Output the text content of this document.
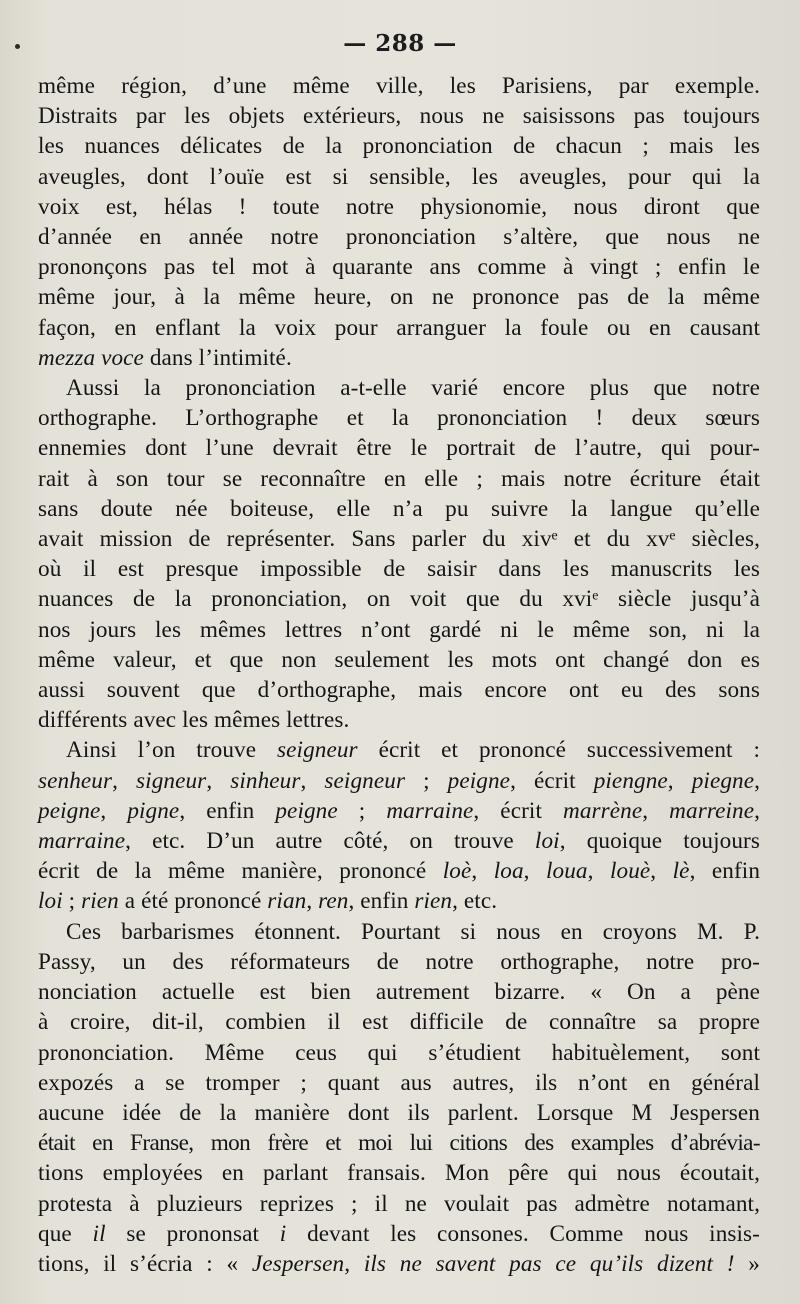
— 288 —

même région, d’une même ville, les Parisiens, par exemple.
Distraits par les objets extérieurs, nous ne saisissons pas toujours
les nuances délicates de la prononciation de chacun ; mais les
aveugles, dont l’ouïe est si sensible, les aveugles, pour qui la
voix est, hélas ! toute notre physionomie, nous diront que
d’année en année notre prononciation s’altère, que nous ne
prononçons pas tel mot à quarante ans comme à vingt ; enfin le
même jour, à la même heure, on ne prononce pas de la même
façon, en enflant la voix pour arranguer la foule ou en causant
mezza voce dans l’intimité.

Aussi la prononciation a-t-elle varié encore plus que notre
orthographe. L’orthographe et la prononciation ! deux sœurs
ennemies dont l’une devrait être le portrait de l’autre, qui pour-
rait à son tour se reconnaître en elle ; mais notre écriture était
sans doute née boiteuse, elle n’a pu suivre la langue qu’elle
avait mission de représenter. Sans parler du xivᵉ et du xvᵉ siècles,
où il est presque impossible de saisir dans les manuscrits les
nuances de la prononciation, on voit que du xviᵉ siècle jusqu’à
nos jours les mêmes lettres n’ont gardé ni le même son, ni la
même valeur, et que non seulement les mots ont changé don es
aussi souvent que d’orthographe, mais encore ont eu des sons
différents avec les mêmes lettres.

Ainsi l’on trouve seigneur écrit et prononcé successivement :
senheur, signeur, sinheur, seigneur ; peigne, écrit piengne, piegne,
peigne, pigne, enfin peigne ; marraine, écrit marrène, marreine,
marraine, etc. D’un autre côté, on trouve loi, quoique toujours
écrit de la même manière, prononcé loè, loa, loua, louè, lè, enfin
loi ; rien a été prononcé rian, ren, enfin rien, etc.

Ces barbarismes étonnent. Pourtant si nous en croyons M. P.
Passy, un des réformateurs de notre orthographe, notre pro-
nonciation actuelle est bien autrement bizarre. « On a pène
à croire, dit-il, combien il est difficile de connaître sa propre
prononciation. Même ceus qui s’étudient habituèlement, sont
expozés a se tromper ; quant aus autres, ils n’ont en général
aucune idée de la manière dont ils parlent. Lorsque M Jespersen
était en Franse, mon frère et moi lui citions des examples d’abrévia-
tions employées en parlant fransais. Mon pêre qui nous écoutait,
protesta à pluzieurs reprizes ; il ne voulait pas admètre notamant,
que il se prononsat i devant les consones. Comme nous insis-
tions, il s’écria : « Jespersen, ils ne savent pas ce qu’ils dizent ! »
